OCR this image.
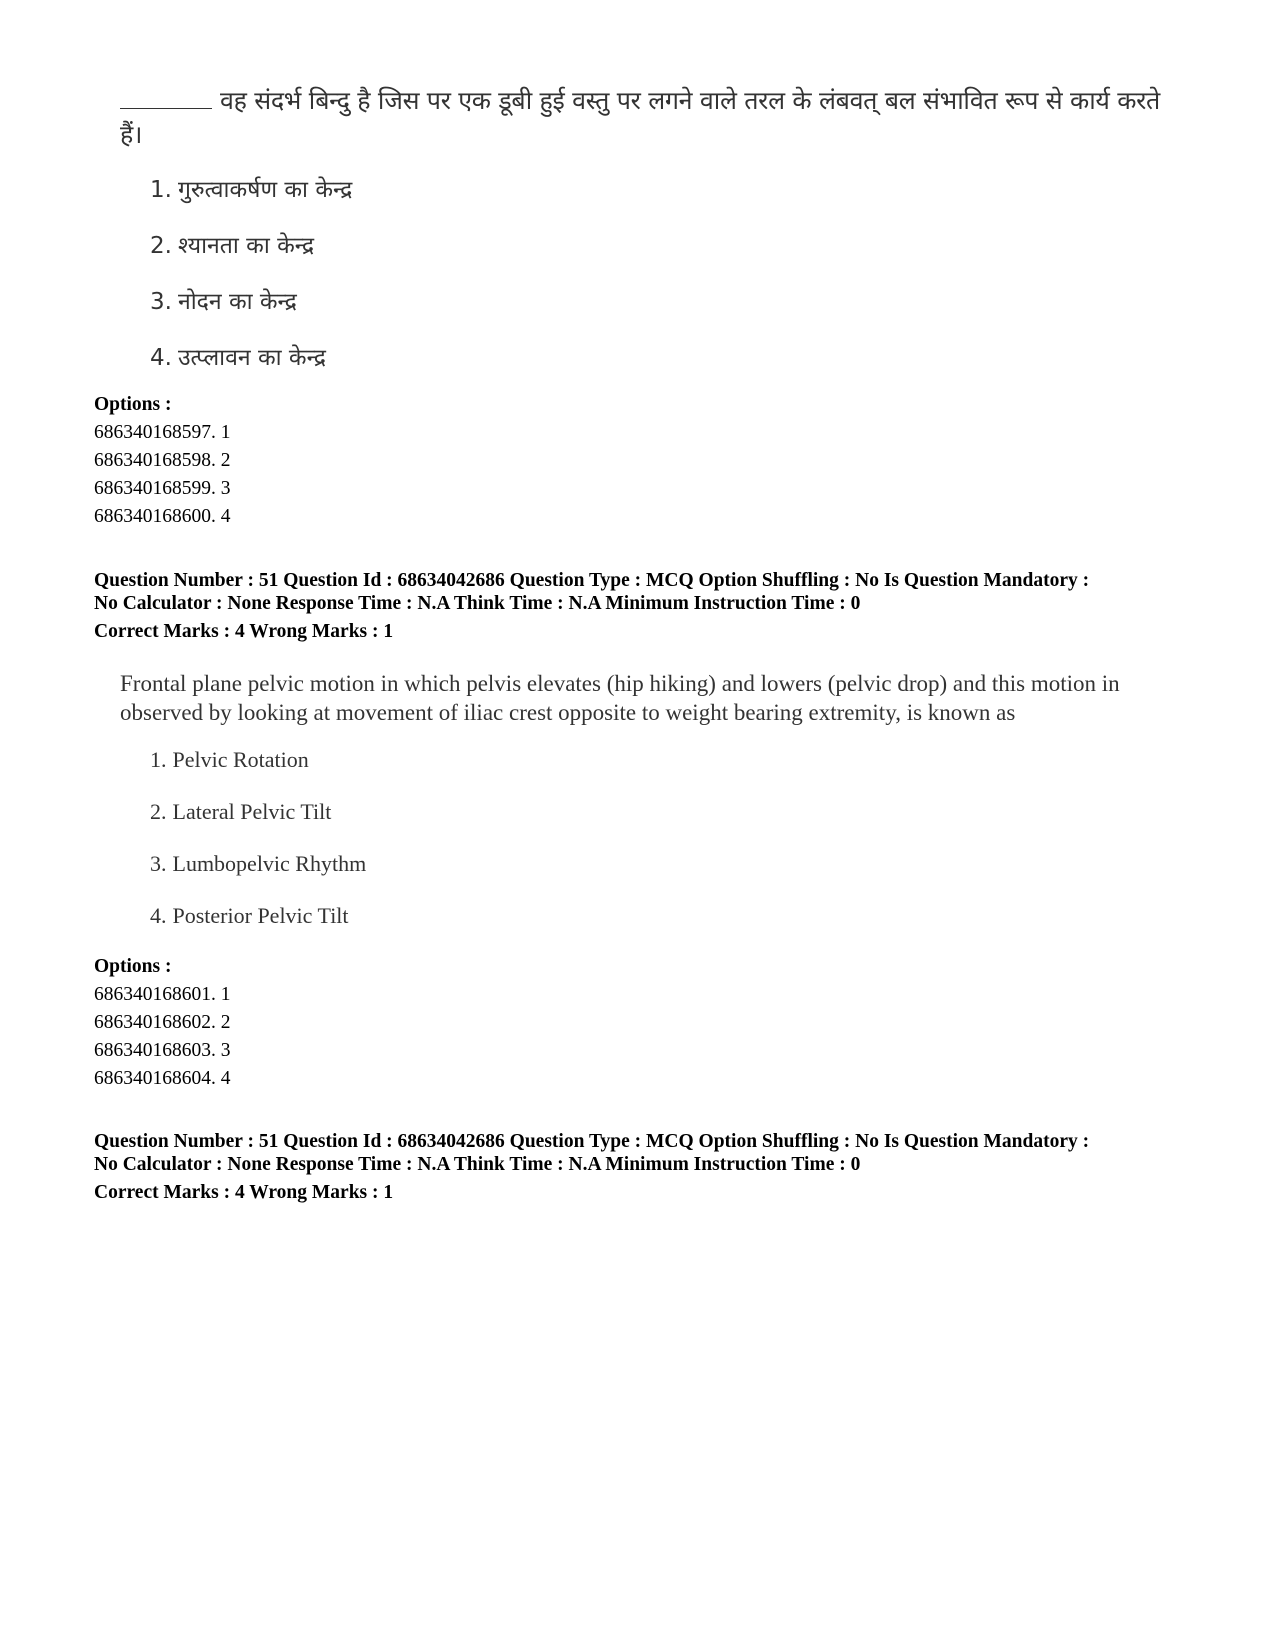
वह संदर्भ बिन्दु है जिस पर एक डूबी हुई वस्तु पर लगने वाले तरल के लंबवत् बल संभावित रूप से कार्य करते
हैं।
1. गुरुत्वाकर्षण का केन्द्र
2. श्यानता का केन्द्र
3. नोदन का केन्द्र
4. उत्प्लावन का केन्द्र
Options :
686340168597. 1
686340168598. 2
686340168599. 3
686340168600. 4
Question Number : 51 Question Id : 68634042686 Question Type : MCQ Option Shuffling : No Is Question Mandatory :
No Calculator : None Response Time : N.A Think Time : N.A Minimum Instruction Time : 0
Correct Marks : 4 Wrong Marks : 1
Frontal plane pelvic motion in which pelvis elevates (hip hiking) and lowers (pelvic drop) and this motion in
observed by looking at movement of iliac crest opposite to weight bearing extremity, is known as
1. Pelvic Rotation
2. Lateral Pelvic Tilt
3. Lumbopelvic Rhythm
4. Posterior Pelvic Tilt
Options :
686340168601. 1
686340168602. 2
686340168603. 3
686340168604. 4
Question Number : 51 Question Id : 68634042686 Question Type : MCQ Option Shuffling : No Is Question Mandatory :
No Calculator : None Response Time : N.A Think Time : N.A Minimum Instruction Time : 0
Correct Marks : 4 Wrong Marks : 1
